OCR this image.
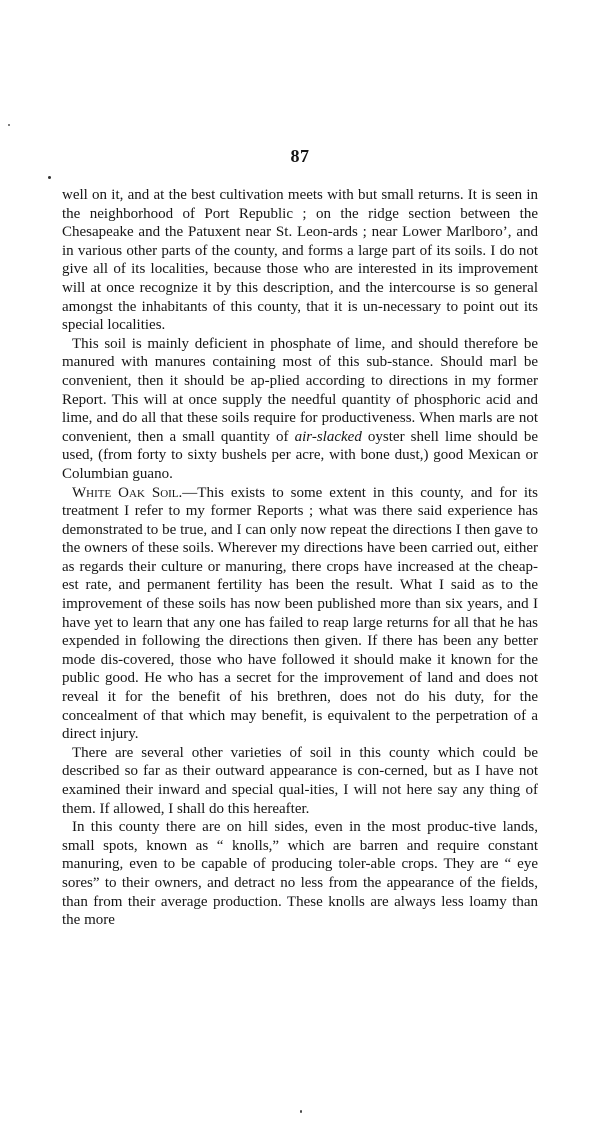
87

well on it, and at the best cultivation meets with but small returns. It is seen in the neighborhood of Port Republic ; on the ridge section between the Chesapeake and the Patuxent near St. Leon-ards ; near Lower Marlboro’, and in various other parts of the county, and forms a large part of its soils. I do not give all of its localities, because those who are interested in its improvement will at once recognize it by this description, and the intercourse is so general amongst the inhabitants of this county, that it is un-necessary to point out its special localities.

This soil is mainly deficient in phosphate of lime, and should therefore be manured with manures containing most of this sub-stance. Should marl be convenient, then it should be ap-plied according to directions in my former Report. This will at once supply the needful quantity of phosphoric acid and lime, and do all that these soils require for productiveness. When marls are not convenient, then a small quantity of air-slacked oyster shell lime should be used, (from forty to sixty bushels per acre, with bone dust,) good Mexican or Columbian guano.

White Oak Soil.—This exists to some extent in this county, and for its treatment I refer to my former Reports ; what was there said experience has demonstrated to be true, and I can only now repeat the directions I then gave to the owners of these soils. Wherever my directions have been carried out, either as regards their culture or manuring, there crops have increased at the cheap-est rate, and permanent fertility has been the result. What I said as to the improvement of these soils has now been published more than six years, and I have yet to learn that any one has failed to reap large returns for all that he has expended in following the directions then given. If there has been any better mode dis-covered, those who have followed it should make it known for the public good. He who has a secret for the improvement of land and does not reveal it for the benefit of his brethren, does not do his duty, for the concealment of that which may benefit, is equivalent to the perpetration of a direct injury.

There are several other varieties of soil in this county which could be described so far as their outward appearance is con-cerned, but as I have not examined their inward and special qual-ities, I will not here say any thing of them. If allowed, I shall do this hereafter.

In this county there are on hill sides, even in the most produc-tive lands, small spots, known as “ knolls,” which are barren and require constant manuring, even to be capable of producing toler-able crops. They are “ eye sores” to their owners, and detract no less from the appearance of the fields, than from their average production. These knolls are always less loamy than the more
